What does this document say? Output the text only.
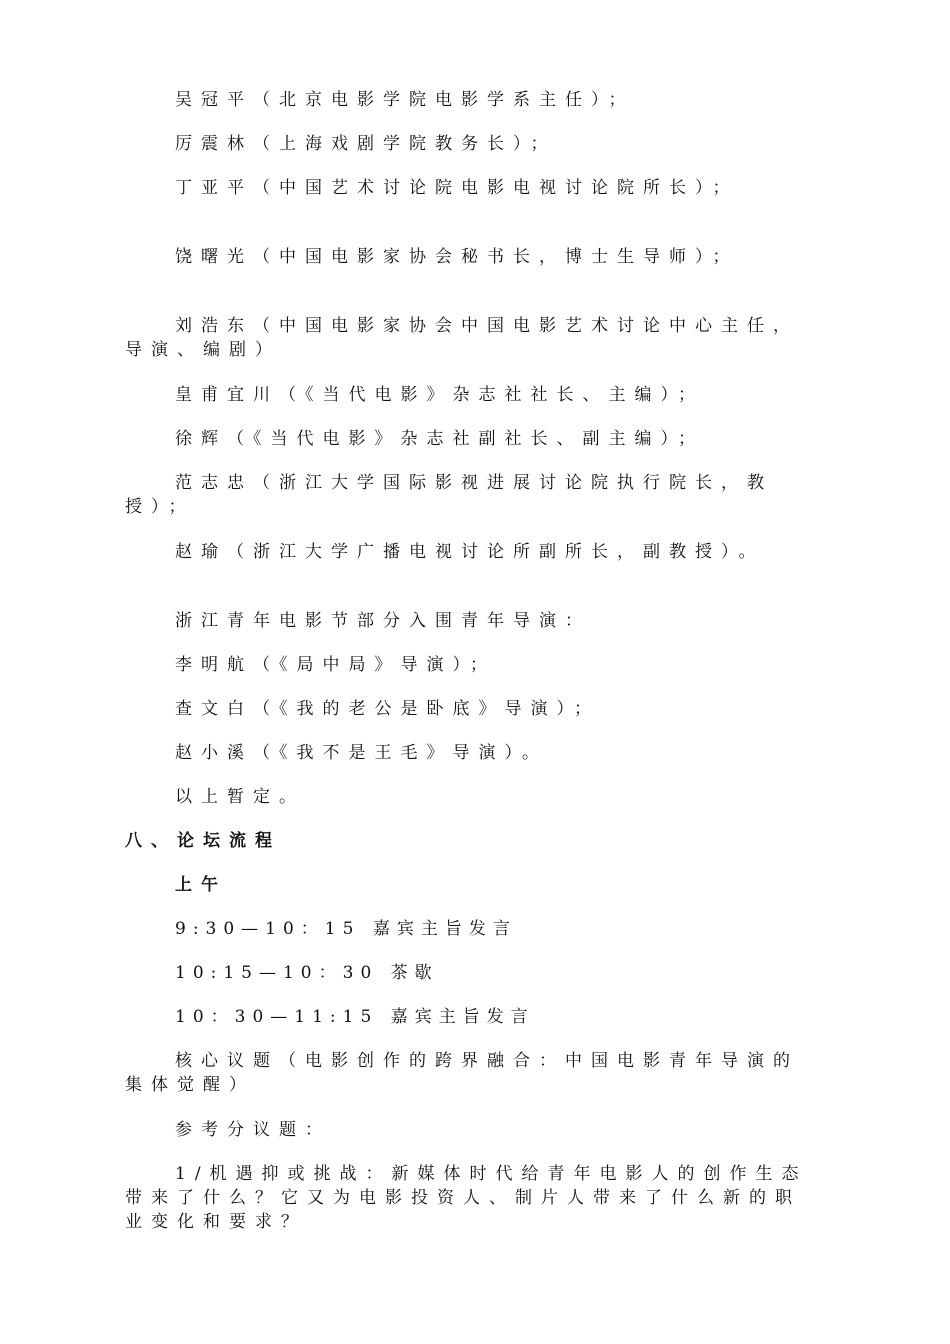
吴冠平（北京电影学院电影学系主任）；
厉震林（上海戏剧学院教务长）；
丁亚平（中国艺术讨论院电影电视讨论院所长）；
饶曙光（中国电影家协会秘书长，博士生导师）；
刘浩东（中国电影家协会中国电影艺术讨论中心主任，导演、编剧）
皇甫宜川（《当代电影》杂志社社长、主编）；
徐辉（《当代电影》杂志社副社长、副主编）；
范志忠（浙江大学国际影视进展讨论院执行院长，教授）；
赵瑜（浙江大学广播电视讨论所副所长，副教授）。
浙江青年电影节部分入围青年导演：
李明航（《局中局》导演）；
查文白（《我的老公是卧底》导演）；
赵小溪（《我不是王毛》导演）。
以上暂定。
八、论坛流程
上午
9:30—10：15 嘉宾主旨发言
10:15—10：30 茶歇
10：30—11:15 嘉宾主旨发言
核心议题（电影创作的跨界融合：中国电影青年导演的集体觉醒）
参考分议题：
1/机遇抑或挑战：新媒体时代给青年电影人的创作生态带来了什么？它又为电影投资人、制片人带来了什么新的职业变化和要求？
